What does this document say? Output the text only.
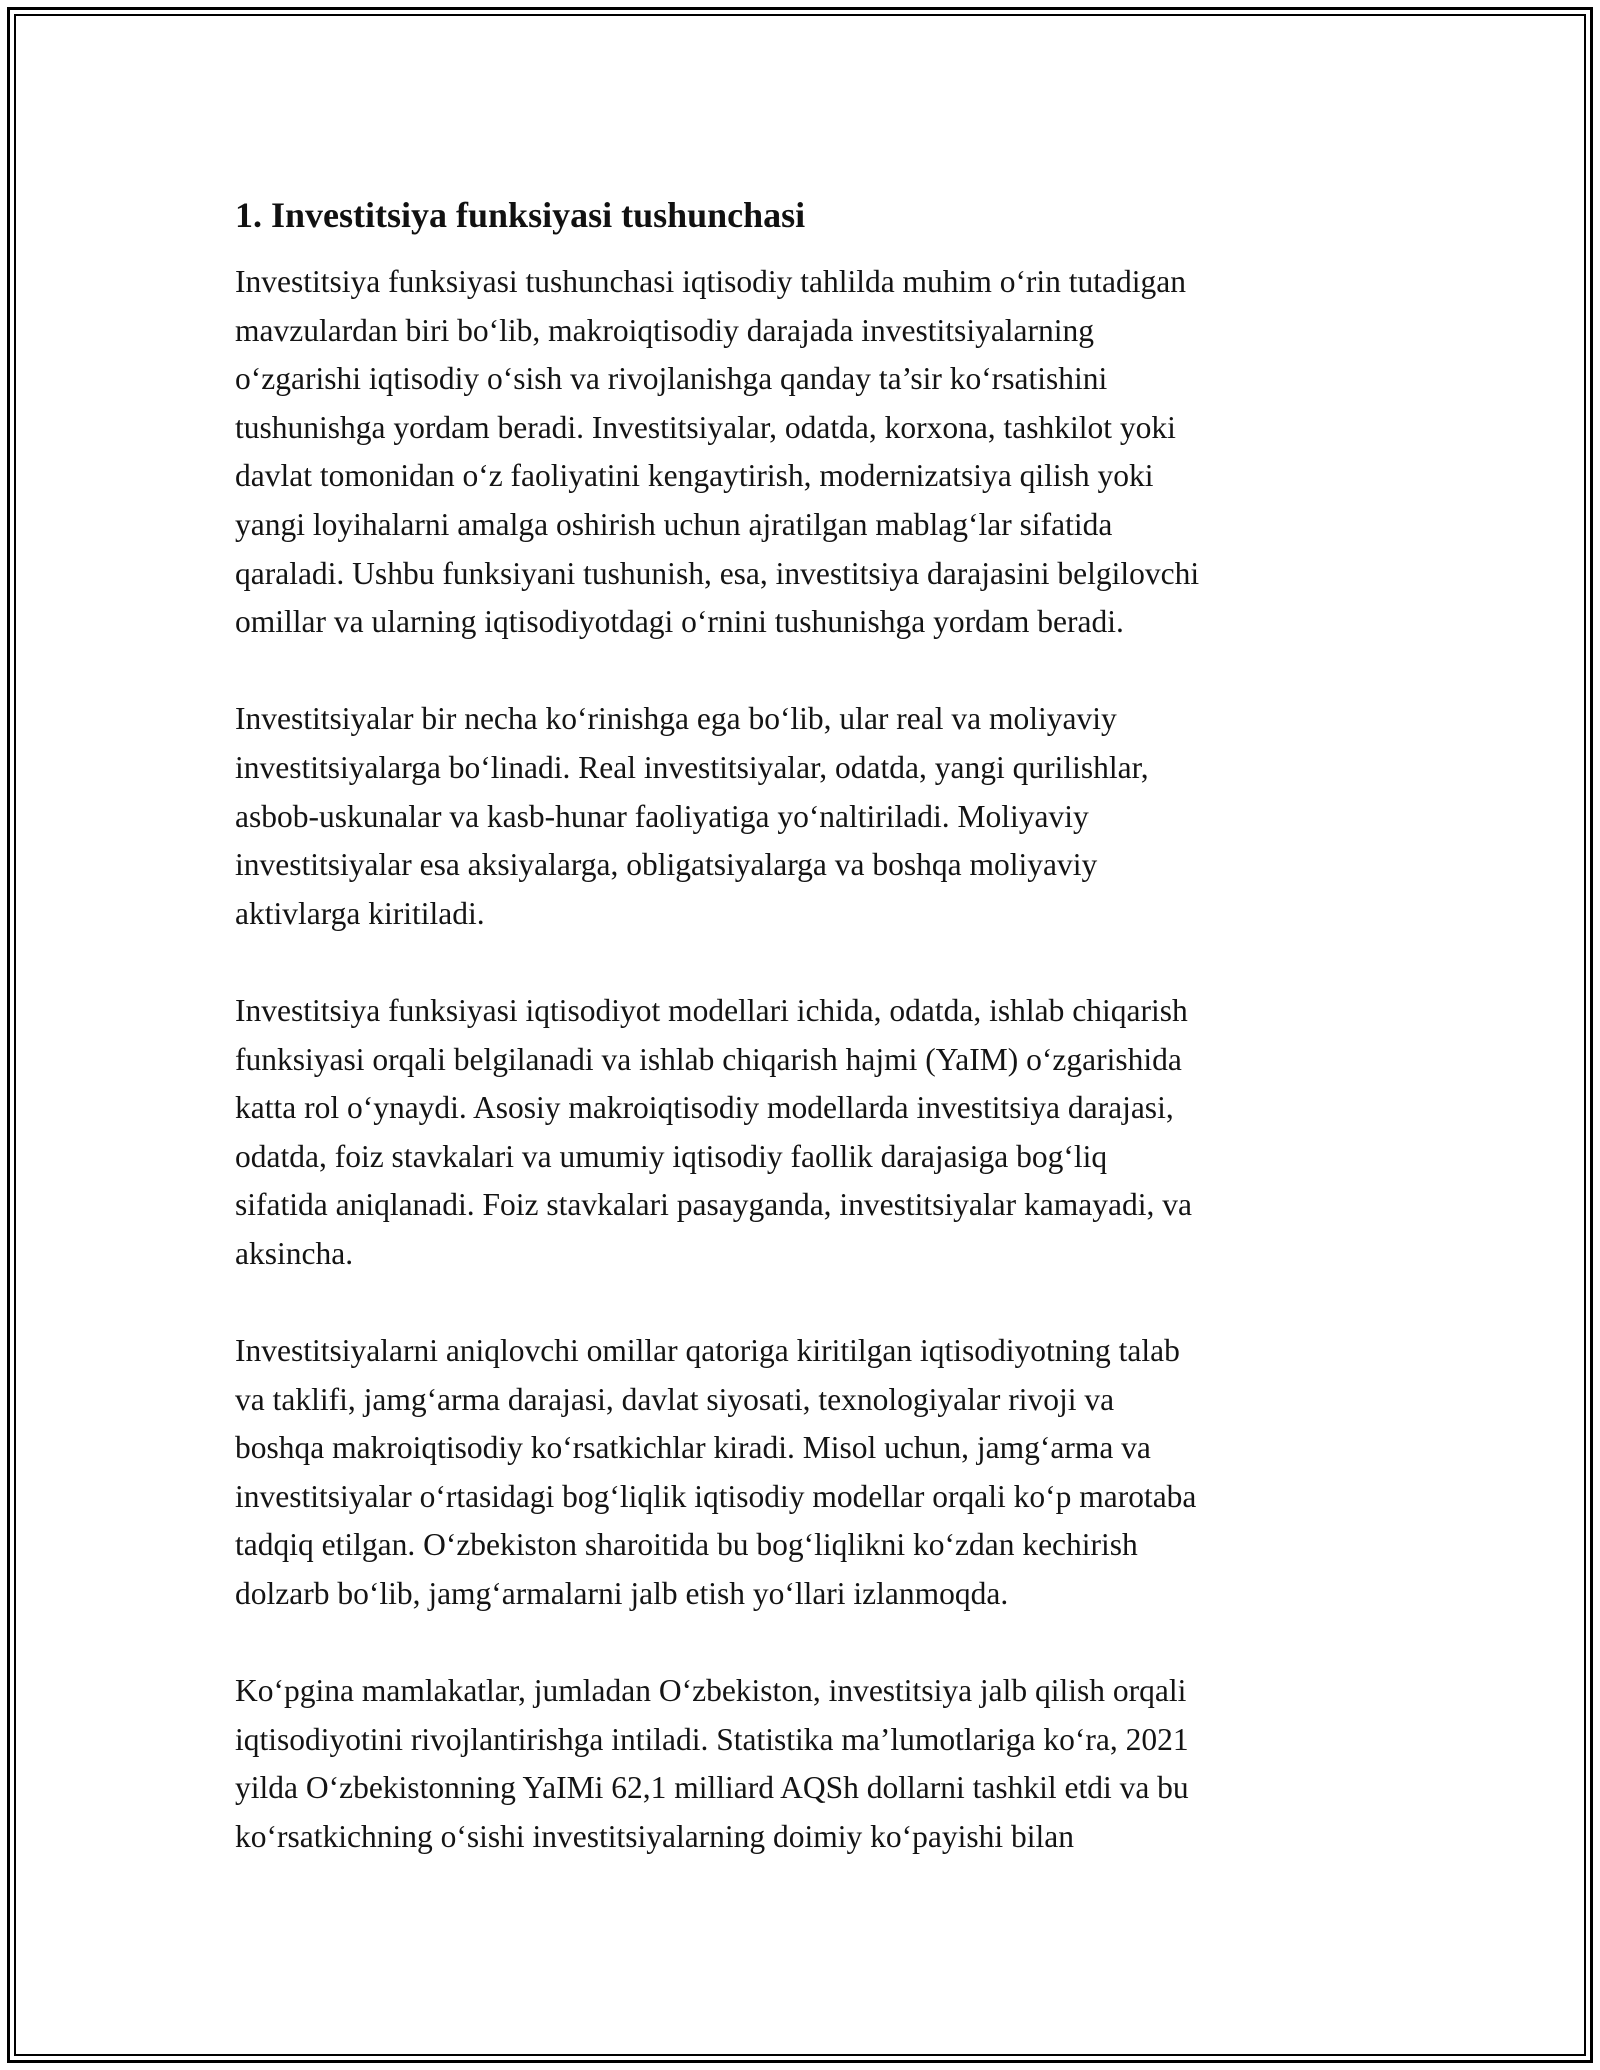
1. Investitsiya funksiyasi tushunchasi

Investitsiya funksiyasi tushunchasi iqtisodiy tahlilda muhim o‘rin tutadigan
mavzulardan biri bo‘lib, makroiqtisodiy darajada investitsiyalarning
o‘zgarishi iqtisodiy o‘sish va rivojlanishga qanday ta’sir ko‘rsatishini
tushunishga yordam beradi. Investitsiyalar, odatda, korxona, tashkilot yoki
davlat tomonidan o‘z faoliyatini kengaytirish, modernizatsiya qilish yoki
yangi loyihalarni amalga oshirish uchun ajratilgan mablag‘lar sifatida
qaraladi. Ushbu funksiyani tushunish, esa, investitsiya darajasini belgilovchi
omillar va ularning iqtisodiyotdagi o‘rnini tushunishga yordam beradi.

Investitsiyalar bir necha ko‘rinishga ega bo‘lib, ular real va moliyaviy
investitsiyalarga bo‘linadi. Real investitsiyalar, odatda, yangi qurilishlar,
asbob-uskunalar va kasb-hunar faoliyatiga yo‘naltiriladi. Moliyaviy
investitsiyalar esa aksiyalarga, obligatsiyalarga va boshqa moliyaviy
aktivlarga kiritiladi.

Investitsiya funksiyasi iqtisodiyot modellari ichida, odatda, ishlab chiqarish
funksiyasi orqali belgilanadi va ishlab chiqarish hajmi (YaIM) o‘zgarishida
katta rol o‘ynaydi. Asosiy makroiqtisodiy modellarda investitsiya darajasi,
odatda, foiz stavkalari va umumiy iqtisodiy faollik darajasiga bog‘liq
sifatida aniqlanadi. Foiz stavkalari pasayganda, investitsiyalar kamayadi, va
aksincha.

Investitsiyalarni aniqlovchi omillar qatoriga kiritilgan iqtisodiyotning talab
va taklifi, jamg‘arma darajasi, davlat siyosati, texnologiyalar rivoji va
boshqa makroiqtisodiy ko‘rsatkichlar kiradi. Misol uchun, jamg‘arma va
investitsiyalar o‘rtasidagi bog‘liqlik iqtisodiy modellar orqali ko‘p marotaba
tadqiq etilgan. O‘zbekiston sharoitida bu bog‘liqlikni ko‘zdan kechirish
dolzarb bo‘lib, jamg‘armalarni jalb etish yo‘llari izlanmoqda.

Ko‘pgina mamlakatlar, jumladan O‘zbekiston, investitsiya jalb qilish orqali
iqtisodiyotini rivojlantirishga intiladi. Statistika ma’lumotlariga ko‘ra, 2021
yilda O‘zbekistonning YaIMi 62,1 milliard AQSh dollarni tashkil etdi va bu
ko‘rsatkichning o‘sishi investitsiyalarning doimiy ko‘payishi bilan
